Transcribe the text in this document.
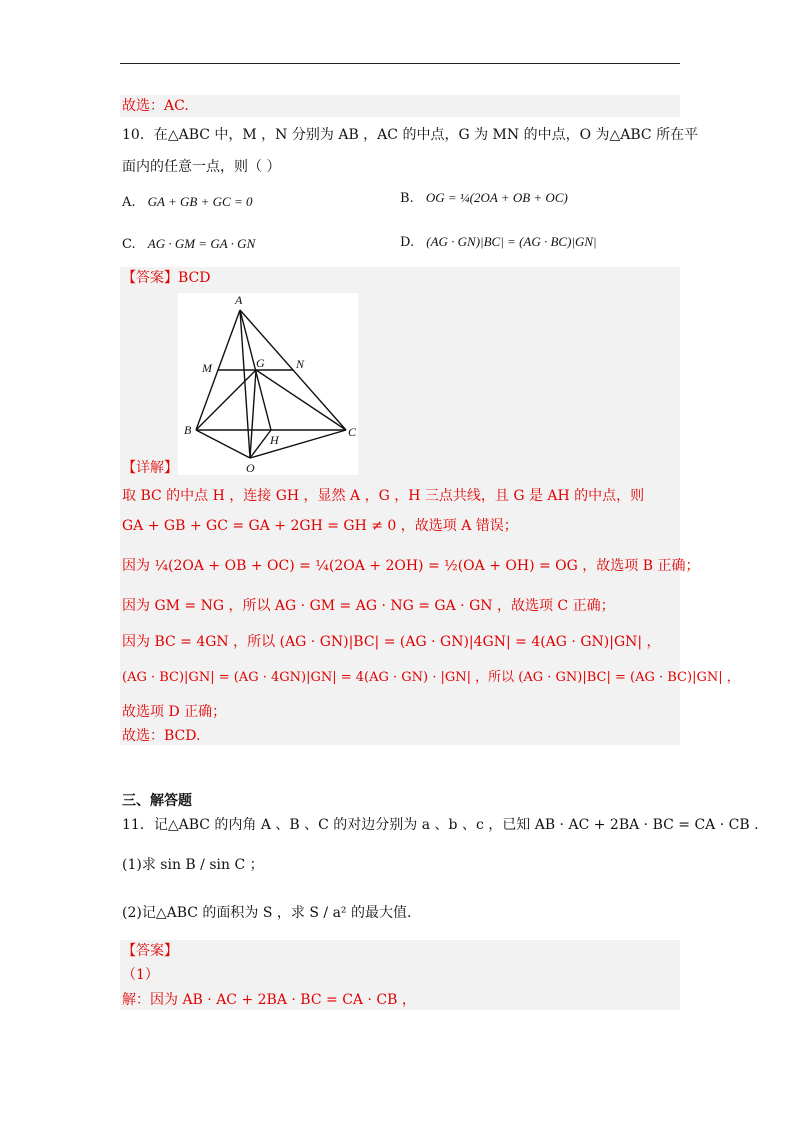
故选：AC.
10．在△ABC 中，M ，N 分别为 AB ，AC 的中点，G 为 MN 的中点，O 为△ABC 所在平
面内的任意一点，则（ ）
A. GA + GB + GC = 0	B. OG = ¼(2OA + OB + OC)
C. AG · GM = GA · GN	D. (AG · GN)|BC| = (AG · BC)|GN|
【答案】BCD
A
M	G	N
B	C
H
O
【详解】
取 BC 的中点 H ，连接 GH ，显然 A ，G ，H 三点共线，且 G 是 AH 的中点，则
GA + GB + GC = GA + 2GH = GH ≠ 0 ，故选项 A 错误；
因为 ¼(2OA + OB + OC) = ¼(2OA + 2OH) = ½(OA + OH) = OG ，故选项 B 正确；
因为 GM = NG ，所以 AG · GM = AG · NG = GA · GN ，故选项 C 正确；
因为 BC = 4GN ，所以 (AG · GN)|BC| = (AG · GN)|4GN| = 4(AG · GN)|GN| ，
(AG · BC)|GN| = (AG · 4GN)|GN| = 4(AG · GN) · |GN| ，所以 (AG · GN)|BC| = (AG · BC)|GN| ，
故选项 D 正确；
故选：BCD.
三、解答题
11．记△ABC 的内角 A 、B 、C 的对边分别为 a 、b 、c ，已知 AB · AC + 2BA · BC = CA · CB .
(1)求 sin B / sin C ；
(2)记△ABC 的面积为 S ，求 S / a² 的最大值.
【答案】
（1）
解：因为 AB · AC + 2BA · BC = CA · CB ，
